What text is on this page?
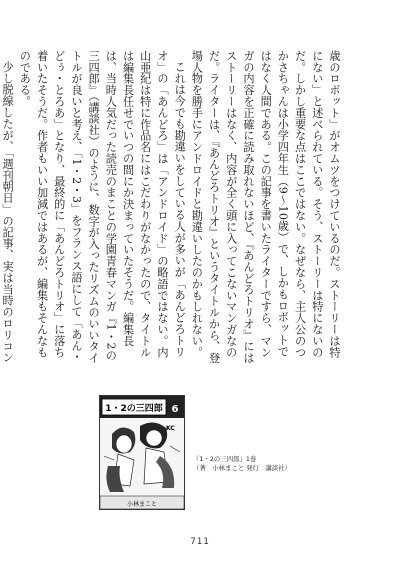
歳のロボット」がオムツをつけているのだ。ストーリーは特にない」と述べられている。そう、ストーリーは特にないのだ。しかし重要な点はここではない。なぜなら、主人公のつかさちゃんは小学四年生（9〜10歳）で、しかもロボットではなく人間である。この記事を書いたライターですら、マンガの内容を正確に読み取れないほど、『あんどろトリオ』にはストーリーはなく、内容が全く頭に入ってこないマンガなのだ。ライターは、『あんどろトリオ』というタイトルから、登場人物を勝手にアンドロイドと勘違いしたのかもしれない。

これは今でも勘違いをしている人が多いが「あんどろトリオ」の「あんどろ」は「アンドロイド」の略語ではない。内山亜紀は特に作品名にはこだわりがなかったので、タイトルは編集長任せでいつの間にか決まっていたそうだ。編集長は、当時人気だった読売のまことの学園青春マンガ『1・2の三四郎』（講談社）のように、数字が入ったリズムのいいタイトルが良いと考え、「1・2・3」をフランス語にして「あん・どぅ・とろあ」となり、最終的に「あんどろトリオ」に落ち着いたそうだ。作者もいい加減ではあるが、編集もそんなものである。

少し脱線したが、「週刊朝日」の記事、実は当時のロリコン

1・2の三四郎 6
KC
小林まこと
『1・2の三四郎』1巻
（著　小林まこと 発行　講談社）
711
